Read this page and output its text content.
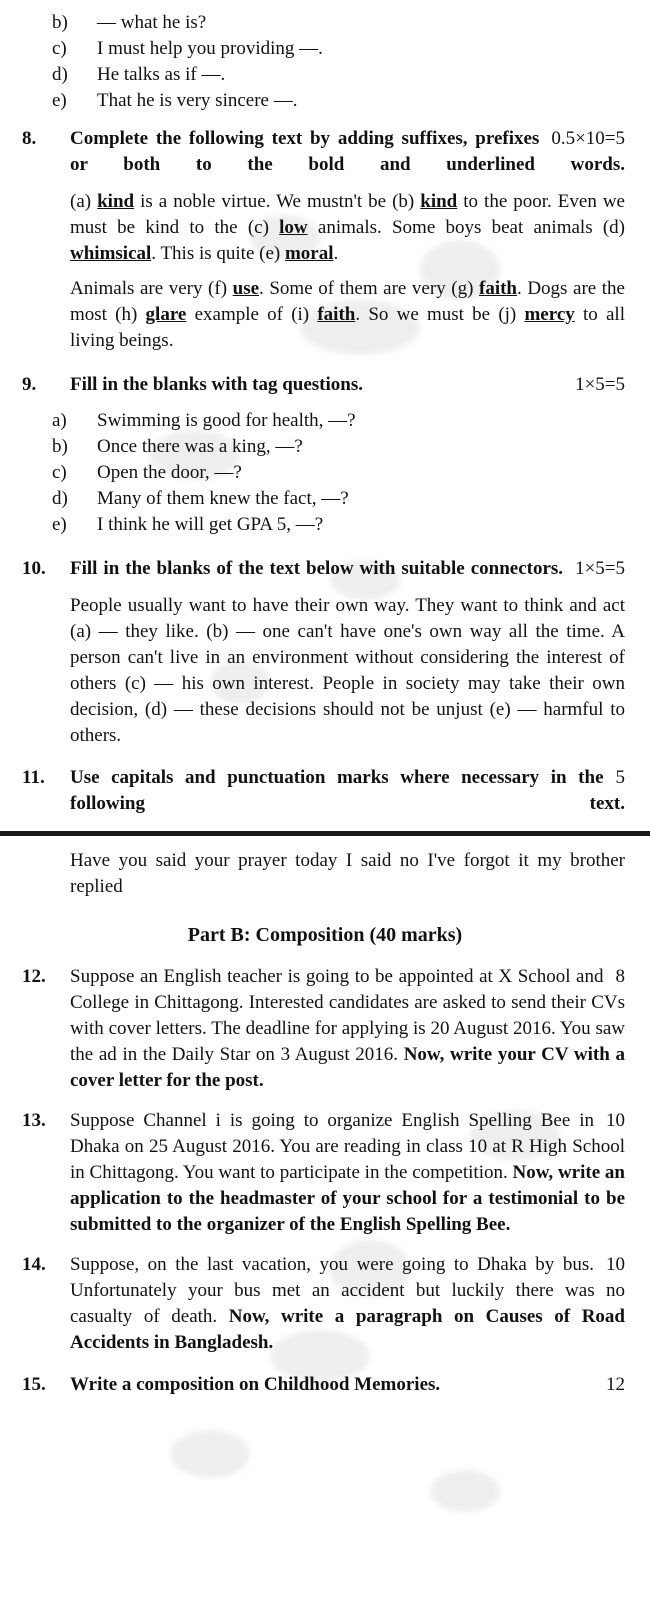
b)	— what he is?
c)	I must help you providing —.
d)	He talks as if —.
e)	That he is very sincere —.
8.	0.5×10=5
Complete the following text by adding suffixes, prefixes or both to the bold and underlined words.
(a) kind is a noble virtue. We mustn't be (b) kind to the poor. Even we must be kind to the (c) low animals. Some boys beat animals (d) whimsical. This is quite (e) moral.
Animals are very (f) use. Some of them are very (g) faith. Dogs are the most (h) glare example of (i) faith. So we must be (j) mercy to all living beings.
9.	1×5=5
Fill in the blanks with tag questions.
a)	Swimming is good for health, —?
b)	Once there was a king, —?
c)	Open the door, —?
d)	Many of them knew the fact, —?
e)	I think he will get GPA 5, —?
10.	1×5=5
Fill in the blanks of the text below with suitable connectors.
People usually want to have their own way. They want to think and act (a) — they like. (b) — one can't have one's own way all the time. A person can't live in an environment without considering the interest of others (c) — his own interest. People in society may take their own decision, (d) — these decisions should not be unjust (e) — harmful to others.
11.	5
Use capitals and punctuation marks where necessary in the following text.
Have you said your prayer today I said no I've forgot it my brother replied
Part B: Composition (40 marks)
12.	8
Suppose an English teacher is going to be appointed at X School and College in Chittagong. Interested candidates are asked to send their CVs with cover letters. The deadline for applying is 20 August 2016. You saw the ad in the Daily Star on 3 August 2016. Now, write your CV with a cover letter for the post.
13.	10
Suppose Channel i is going to organize English Spelling Bee in Dhaka on 25 August 2016. You are reading in class 10 at R High School in Chittagong. You want to participate in the competition. Now, write an application to the headmaster of your school for a testimonial to be submitted to the organizer of the English Spelling Bee.
14.	10
Suppose, on the last vacation, you were going to Dhaka by bus. Unfortunately your bus met an accident but luckily there was no casualty of death. Now, write a paragraph on Causes of Road Accidents in Bangladesh.
15.	12
Write a composition on Childhood Memories.
